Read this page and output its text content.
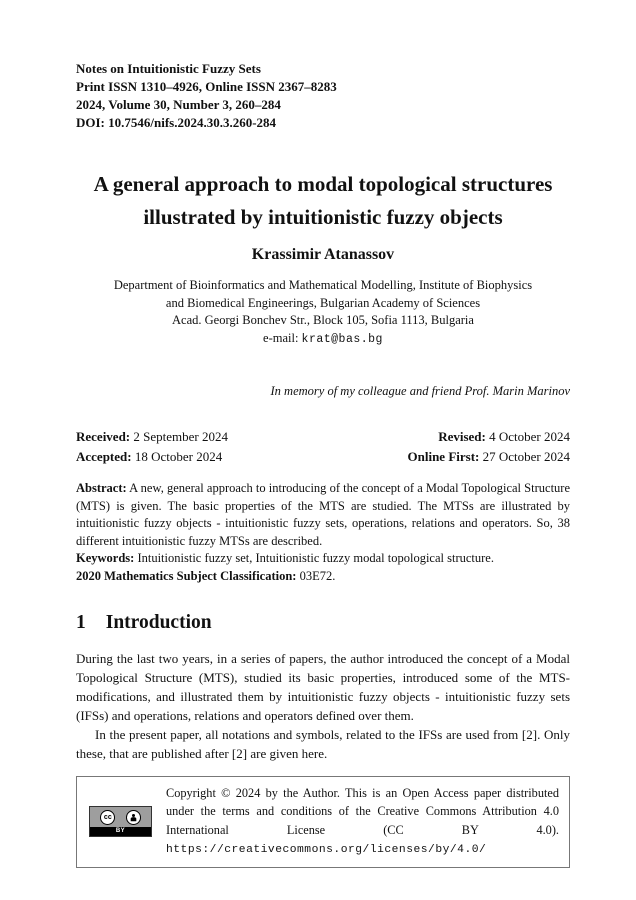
Notes on Intuitionistic Fuzzy Sets
Print ISSN 1310–4926, Online ISSN 2367–8283
2024, Volume 30, Number 3, 260–284
DOI: 10.7546/nifs.2024.30.3.260-284
A general approach to modal topological structures
illustrated by intuitionistic fuzzy objects
Krassimir Atanassov
Department of Bioinformatics and Mathematical Modelling, Institute of Biophysics
and Biomedical Engineerings, Bulgarian Academy of Sciences
Acad. Georgi Bonchev Str., Block 105, Sofia 1113, Bulgaria
e-mail: krat@bas.bg
In memory of my colleague and friend Prof. Marin Marinov
Received: 2 September 2024
Accepted: 18 October 2024
Revised: 4 October 2024
Online First: 27 October 2024

Abstract: A new, general approach to introducing of the concept of a Modal Topological Structure (MTS) is given. The basic properties of the MTS are studied. The MTSs are illustrated by intuitionistic fuzzy objects - intuitionistic fuzzy sets, operations, relations and operators. So, 38 different intuitionistic fuzzy MTSs are described.

Keywords: Intuitionistic fuzzy set, Intuitionistic fuzzy modal topological structure.

2020 Mathematics Subject Classification: 03E72.

1 Introduction

During the last two years, in a series of papers, the author introduced the concept of a Modal Topological Structure (MTS), studied its basic properties, introduced some of the MTS-modifications, and illustrated them by intuitionistic fuzzy objects - intuitionistic fuzzy sets (IFSs) and operations, relations and operators defined over them.

In the present paper, all notations and symbols, related to the IFSs are used from [2]. Only these, that are published after [2] are given here.

cc
BY
Copyright © 2024 by the Author. This is an Open Access paper distributed under the terms and conditions of the Creative Commons Attribution 4.0 International License (CC BY 4.0). https://creativecommons.org/licenses/by/4.0/
